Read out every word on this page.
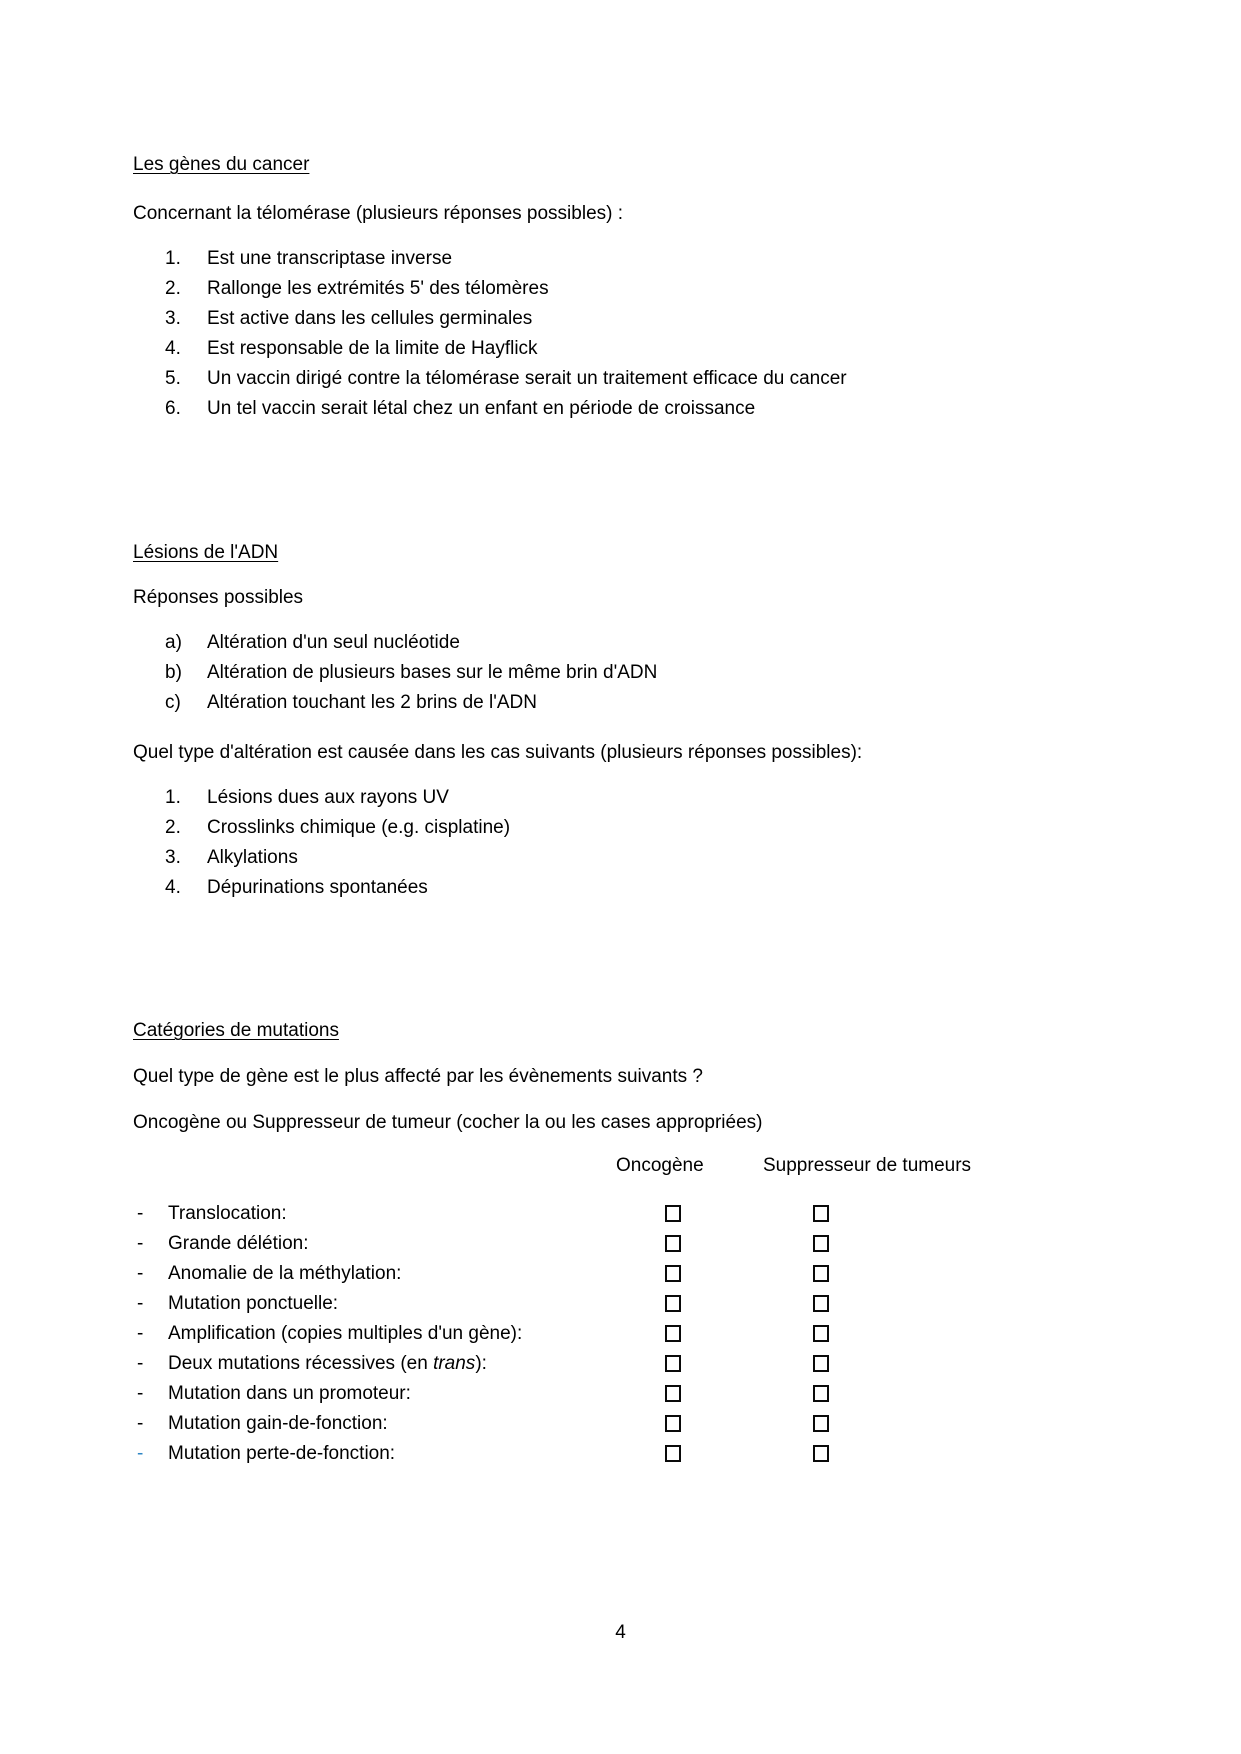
Les gènes du cancer
Concernant la télomérase (plusieurs réponses possibles) :
1. Est une transcriptase inverse
2. Rallonge les extrémités 5' des télomères
3. Est active dans les cellules germinales
4. Est responsable de la limite de Hayflick
5. Un vaccin dirigé contre la télomérase serait un traitement efficace du cancer
6. Un tel vaccin serait létal chez un enfant en période de croissance
Lésions de l'ADN
Réponses possibles
a) Altération d'un seul nucléotide
b) Altération de plusieurs bases sur le même brin d'ADN
c) Altération touchant les 2 brins de l'ADN
Quel type d'altération est causée dans les cas suivants (plusieurs réponses possibles):
1. Lésions dues aux rayons UV
2. Crosslinks chimique (e.g. cisplatine)
3. Alkylations
4. Dépurinations spontanées
Catégories de mutations
Quel type de gène est le plus affecté par les évènements suivants ?
Oncogène ou Suppresseur de tumeur (cocher la ou les cases appropriées)
Oncogène	Suppresseur de tumeurs
- Translocation:
- Grande délétion:
- Anomalie de la méthylation:
- Mutation ponctuelle:
- Amplification (copies multiples d'un gène):
- Deux mutations récessives (en trans):
- Mutation dans un promoteur:
- Mutation gain-de-fonction:
- Mutation perte-de-fonction:
4
